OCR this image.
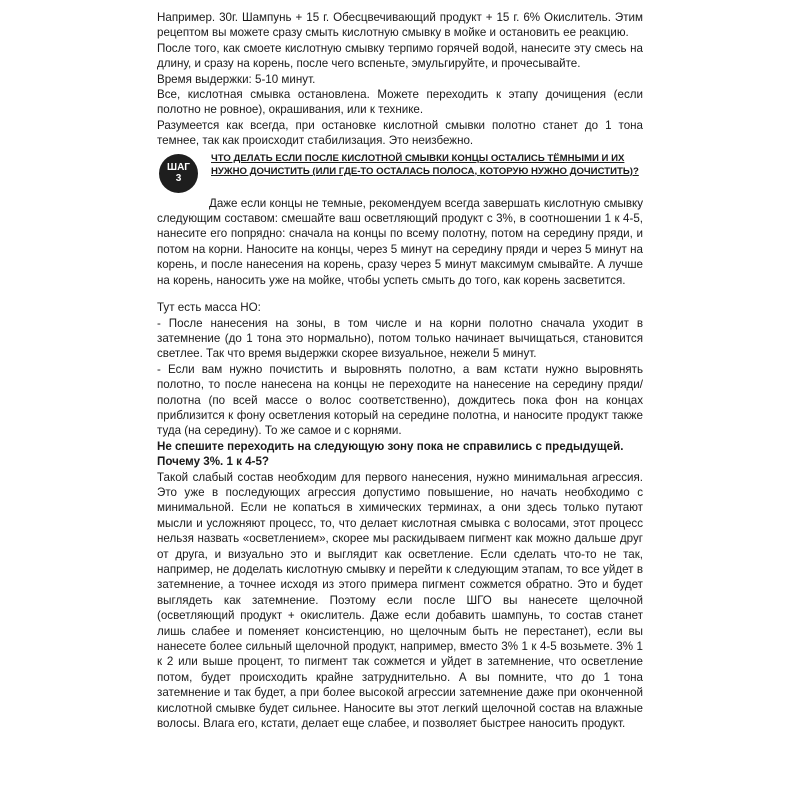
Например. 30г. Шампунь + 15 г. Обесцвечивающий продукт + 15 г. 6% Окислитель. Этим рецептом вы можете сразу смыть кислотную смывку в мойке и остановить ее реакцию.

После того, как смоете кислотную смывку терпимо горячей водой, нанесите эту смесь на длину, и сразу на корень, после чего вспеньте, эмульгируйте, и прочесывайте.

Время выдержки: 5-10 минут.

Все, кислотная смывка остановлена. Можете переходить к этапу дочищения (если полотно не ровное), окрашивания, или к технике.

Разумеется как всегда, при остановке кислотной смывки полотно станет до 1 тона темнее, так как происходит стабилизация. Это неизбежно.

ШАГ
3
ЧТО ДЕЛАТЬ ЕСЛИ ПОСЛЕ КИСЛОТНОЙ СМЫВКИ КОНЦЫ ОСТАЛИСЬ ТЁМНЫМИ И ИХ НУЖНО ДОЧИСТИТЬ (ИЛИ ГДЕ-ТО ОСТАЛАСЬ ПОЛОСА, КОТОРУЮ НУЖНО ДОЧИСТИТЬ)?

Даже если концы не темные, рекомендуем всегда завершать кислотную смывку следующим составом: смешайте ваш осветляющий продукт с 3%, в соотношении 1 к 4-5, нанесите его попрядно: сначала на концы по всему полотну, потом на середину пряди, и потом на корни. Наносите на концы, через 5 минут на середину пряди и через 5 минут на корень, и после нанесения на корень, сразу через 5 минут максимум смывайте. А лучше на корень, наносить уже на мойке, чтобы успеть смыть до того, как корень засветится.

Тут есть масса НО:

- После нанесения на зоны, в том числе и на корни полотно сначала уходит в затемнение (до 1 тона это нормально), потом только начинает вычищаться, становится светлее. Так что время выдержки скорее визуальное, нежели 5 минут.

- Если вам нужно почистить и выровнять полотно, а вам кстати нужно выровнять полотно, то после нанесена на концы не переходите на нанесение на середину пряди/полотна (по всей массе о волос соответственно), дождитесь пока фон на концах приблизится к фону осветления который на середине полотна, и наносите продукт также туда (на середину). То же самое и с корнями.

Не спешите переходить на следующую зону пока не справились с предыдущей.

Почему 3%. 1 к 4-5?

Такой слабый состав необходим для первого нанесения, нужно минимальная агрессия. Это уже в последующих агрессия допустимо повышение, но начать необходимо с минимальной. Если не копаться в химических терминах, а они здесь только путают мысли и усложняют процесс, то, что делает кислотная смывка с волосами, этот процесс нельзя назвать «осветлением», скорее мы раскидываем пигмент как можно дальше друг от друга, и визуально это и выглядит как осветление. Если сделать что-то не так, например, не доделать кислотную смывку и перейти к следующим этапам, то все уйдет в затемнение, а точнее исходя из этого примера пигмент сожмется обратно. Это и будет выглядеть как затемнение. Поэтому если после ШГО вы нанесете щелочной (осветляющий продукт + окислитель. Даже если добавить шампунь, то состав станет лишь слабее и поменяет консистенцию, но щелочным быть не перестанет), если вы нанесете более сильный щелочной продукт, например, вместо 3% 1 к 4-5 возьмете. 3% 1 к 2 или выше процент, то пигмент так сожмется и уйдет в затемнение, что осветление потом, будет происходить крайне затруднительно. А вы помните, что до 1 тона затемнение и так будет, а при более высокой агрессии затемнение даже при оконченной кислотной смывке будет сильнее. Наносите вы этот легкий щелочной состав на влажные волосы. Влага его, кстати, делает еще слабее, и позволяет быстрее наносить продукт.
